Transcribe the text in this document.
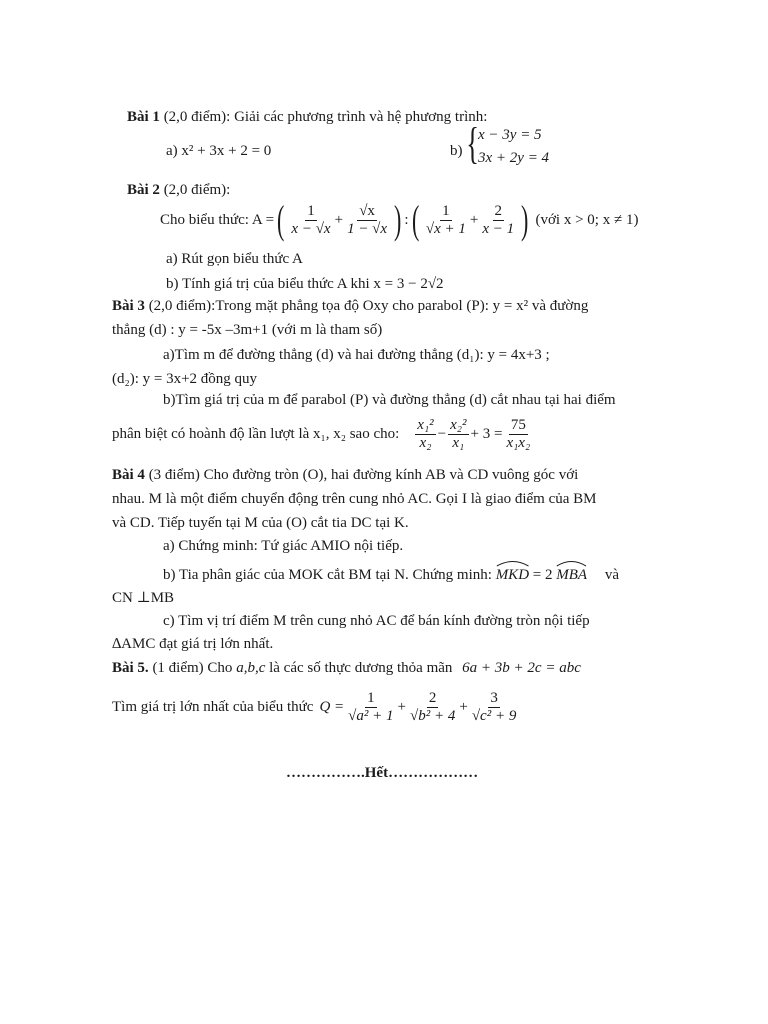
Bài 1 (2,0 điểm): Giải các phương trình và hệ phương trình:
a) x² + 3x + 2 = 0	b) { x − 3y = 5
3x + 2y = 4
Bài 2 (2,0 điểm):
Cho biểu thức: A = ( $\frac{1}{x - √x} + \frac{√x}{1 - √x}$ ) : ( $\frac{1}{√x + 1} + \frac{2}{x - 1}$ ) (với x > 0; x ≠ 1)
a) Rút gọn biểu thức A
b) Tính giá trị của biểu thức A khi x = 3 − 2√2
Bài 3 (2,0 điểm):Trong mặt phẳng tọa độ Oxy cho parabol (P): y = x² và đường
thẳng (d) : y = -5x –3m+1 (với m là tham số)
a)Tìm m để đường thẳng (d) và hai đường thẳng (d₁): y = 4x+3 ;
(d₂): y = 3x+2 đồng quy
b)Tìm giá trị của m để parabol (P) và đường thẳng (d) cắt nhau tại hai điểm
phân biệt có hoành độ lần lượt là x₁, x₂ sao cho: $\frac{\text{x₁²}}{\text{x₂}} - \frac{\text{x₂²}}{\text{x₁}} + 3 = \frac{75}{\text{x₁x₂}}$
Bài 4 (3 điểm) Cho đường tròn (O), hai đường kính AB và CD vuông góc với
nhau. M là một điểm chuyển động trên cung nhỏ AC. Gọi I là giao điểm của BM
và CD. Tiếp tuyến tại M của (O) cắt tia DC tại K.
a) Chứng minh: Tứ giác AMIO nội tiếp.
b) Tia phân giác của MOK cắt BM tại N. Chứng minh: MKD = 2 MBA và
CN ⊥MB
c) Tìm vị trí điểm M trên cung nhỏ AC để bán kính đường tròn nội tiếp
∆AMC đạt giá trị lớn nhất.
Bài 5. (1 điểm) Cho a,b,c là các số thực dương thỏa mãn 6a + 3b + 2c = abc
Tìm giá trị lớn nhất của biểu thức $Q = \frac{1}{\text{√a² + 1}} + \frac{2}{\text{√b² + 4}} + \frac{3}{\text{√c² + 9}}$
…………….Hết………………
